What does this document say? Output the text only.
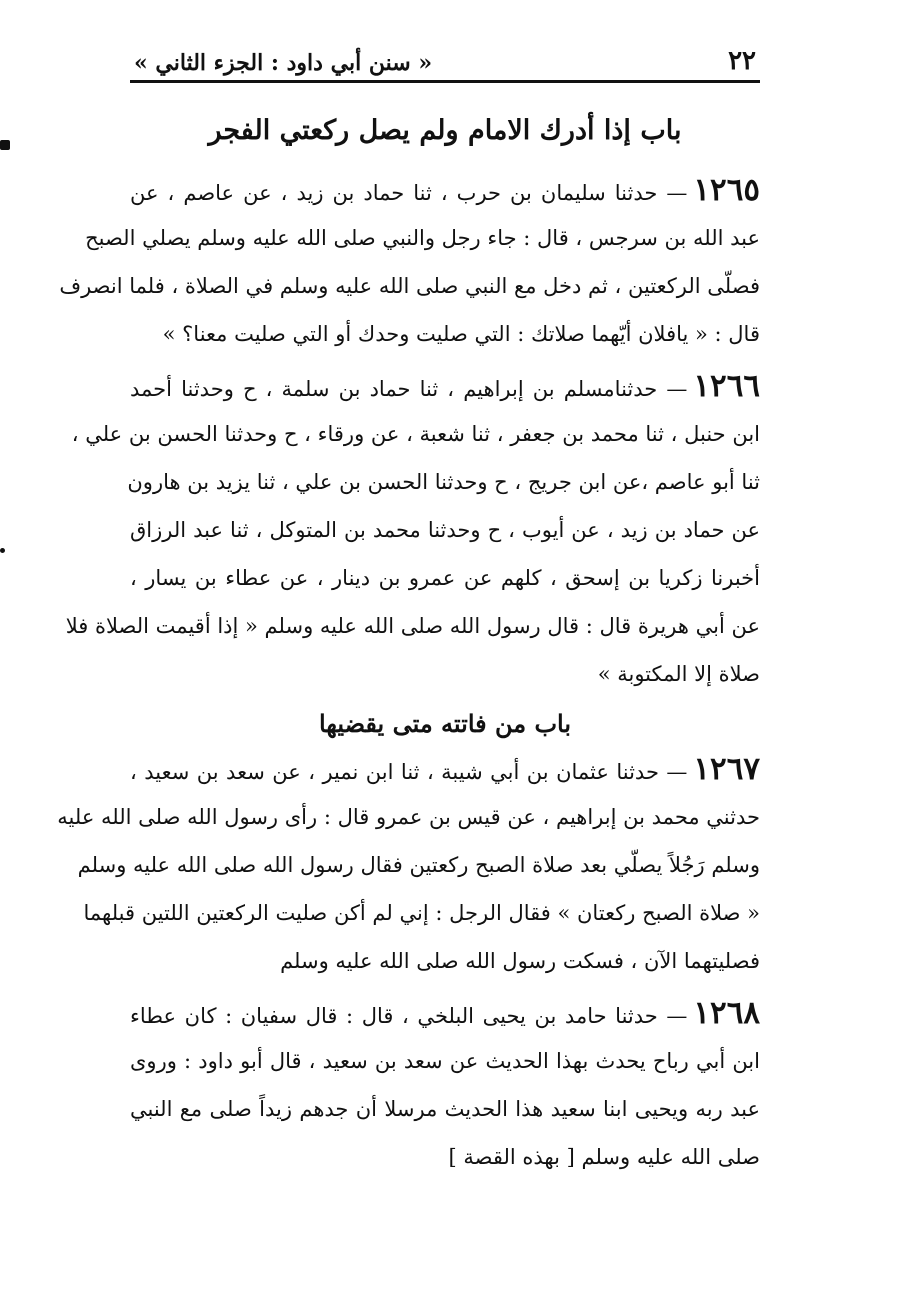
٢٢
« سنن أبي داود : الجزء الثاني »
باب إذا أدرك الامام ولم يصل ركعتي الفجر
١٢٦٥— حدثنا سليمان بن حرب ، ثنا حماد بن زيد ، عن عاصم ، عن
عبد الله بن سرجس ، قال : جاء رجل والنبي صلى الله عليه وسلم يصلي الصبح
فصلّى الركعتين ، ثم دخل مع النبي صلى الله عليه وسلم في الصلاة ، فلما انصرف
قال : « يافلان أيّهما صلاتك : التي صليت وحدك أو التي صليت معنا؟ »
١٢٦٦— حدثنامسلم بن إبراهيم ، ثنا حماد بن سلمة ، ح وحدثنا أحمد
ابن حنبل ، ثنا محمد بن جعفر ، ثنا شعبة ، عن ورقاء ، ح وحدثنا الحسن بن علي ،
ثنا أبو عاصم ،عن ابن جريج ، ح وحدثنا الحسن بن علي ، ثنا يزيد بن هارون
عن حماد بن زيد ، عن أيوب ، ح وحدثنا محمد بن المتوكل ، ثنا عبد الرزاق
أخبرنا زكريا بن إسحق ، كلهم عن عمرو بن دينار ، عن عطاء بن يسار ،
عن أبي هريرة قال : قال رسول الله صلى الله عليه وسلم « إذا أقيمت الصلاة فلا
صلاة إلا المكتوبة »
باب من فاتته متى يقضيها
١٢٦٧— حدثنا عثمان بن أبي شيبة ، ثنا ابن نمير ، عن سعد بن سعيد ،
حدثني محمد بن إبراهيم ، عن قيس بن عمرو قال : رأى رسول الله صلى الله عليه
وسلم رَجُلاً يصلّي بعد صلاة الصبح ركعتين فقال رسول الله صلى الله عليه وسلم
« صلاة الصبح ركعتان » فقال الرجل : إني لم أكن صليت الركعتين اللتين قبلهما
فصليتهما الآن ، فسكت رسول الله صلى الله عليه وسلم
١٢٦٨— حدثنا حامد بن يحيى البلخي ، قال : قال سفيان : كان عطاء
ابن أبي رباح يحدث بهذا الحديث عن سعد بن سعيد ، قال أبو داود : وروى
عبد ربه ويحيى ابنا سعيد هذا الحديث مرسلا أن جدهم زيداً صلى مع النبي
صلى الله عليه وسلم [ بهذه القصة ]
